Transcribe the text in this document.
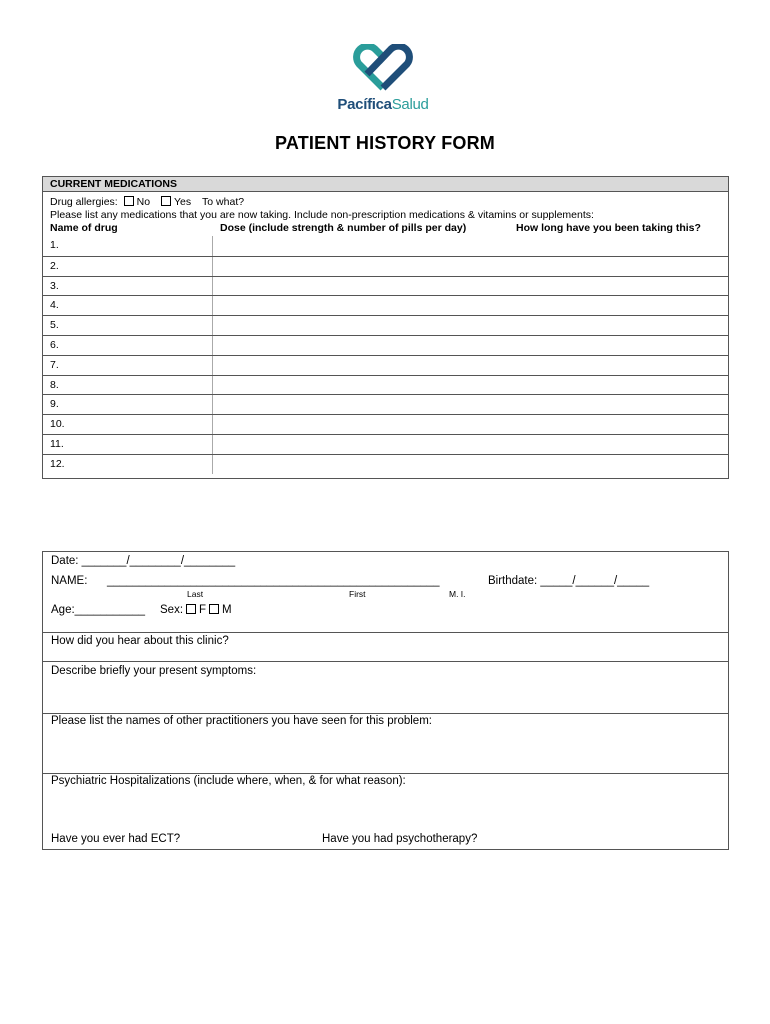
PacíficaSalud
PATIENT HISTORY FORM
CURRENT MEDICATIONS
Drug allergies: No Yes To what?
Please list any medications that you are now taking. Include non-prescription medications & vitamins or supplements:
Name of drug	Dose (include strength & number of pills per day)	How long have you been taking this?
1.
2.
3.
4.
5.
6.
7.
8.
9.
10.
11.
12.
Date: _______/________/________
NAME: ____________________________________________________	Birthdate: _____/______/_____
Last	First	M. I.
Age:___________ Sex: F M
How did you hear about this clinic?
Describe briefly your present symptoms:
Please list the names of other practitioners you have seen for this problem:
Psychiatric Hospitalizations (include where, when, & for what reason):
Have you ever had ECT?	Have you had psychotherapy?
